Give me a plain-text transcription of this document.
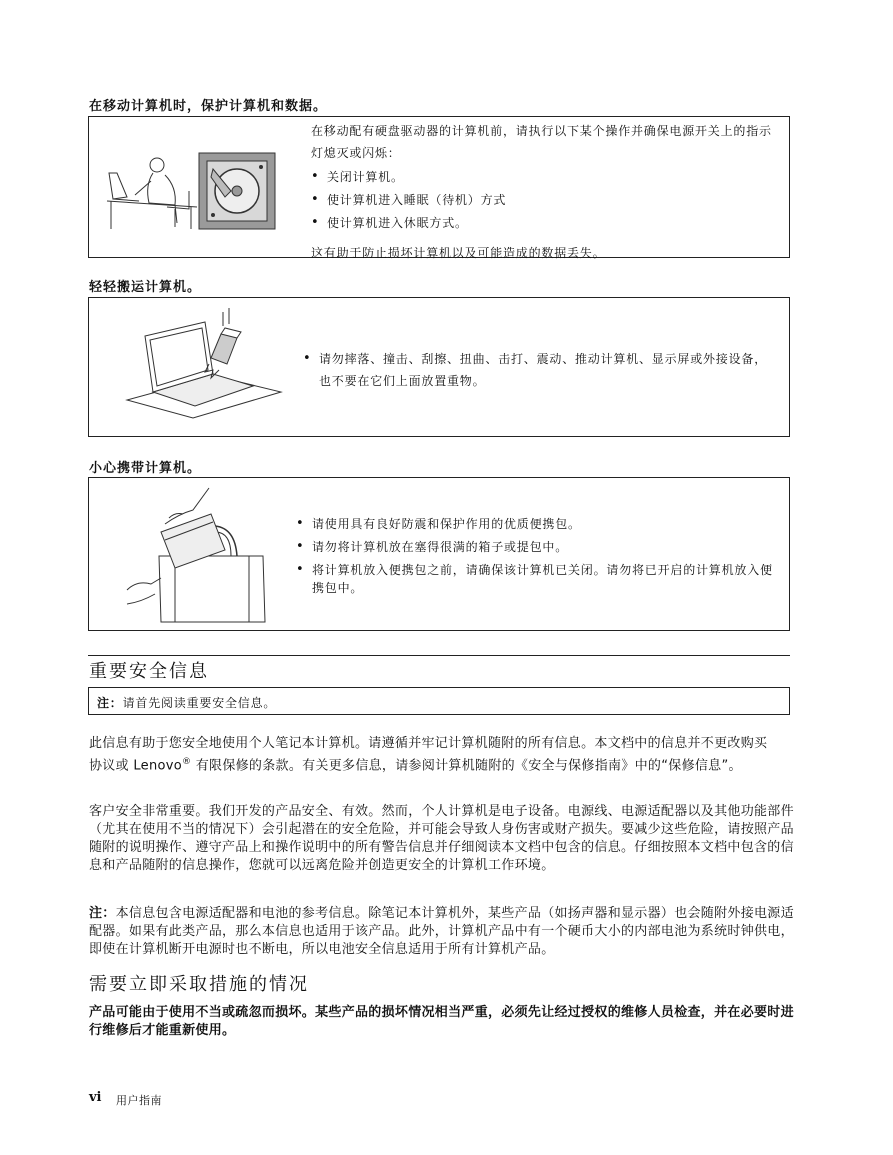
在移动计算机时，保护计算机和数据。
在移动配有硬盘驱动器的计算机前，请执行以下某个操作并确保电源开关上的指示灯熄灭或闪烁：
• 关闭计算机。
• 使计算机进入睡眠（待机）方式
• 使计算机进入休眠方式。
这有助于防止损坏计算机以及可能造成的数据丢失。
轻轻搬运计算机。
• 请勿摔落、撞击、刮擦、扭曲、击打、震动、推动计算机、显示屏或外接设备，也不要在它们上面放置重物。
小心携带计算机。
• 请使用具有良好防震和保护作用的优质便携包。
• 请勿将计算机放在塞得很满的箱子或提包中。
• 将计算机放入便携包之前，请确保该计算机已关闭。请勿将已开启的计算机放入便携包中。
重要安全信息
注：请首先阅读重要安全信息。
此信息有助于您安全地使用个人笔记本计算机。请遵循并牢记计算机随附的所有信息。本文档中的信息并不更改购买协议或 Lenovo® 有限保修的条款。有关更多信息，请参阅计算机随附的《安全与保修指南》中的“保修信息”。
客户安全非常重要。我们开发的产品安全、有效。然而，个人计算机是电子设备。电源线、电源适配器以及其他功能部件（尤其在使用不当的情况下）会引起潜在的安全危险，并可能会导致人身伤害或财产损失。要减少这些危险，请按照产品随附的说明操作、遵守产品上和操作说明中的所有警告信息并仔细阅读本文档中包含的信息。仔细按照本文档中包含的信息和产品随附的信息操作，您就可以远离危险并创造更安全的计算机工作环境。
注：本信息包含电源适配器和电池的参考信息。除笔记本计算机外，某些产品（如扬声器和显示器）也会随附外接电源适配器。如果有此类产品，那么本信息也适用于该产品。此外，计算机产品中有一个硬币大小的内部电池为系统时钟供电，即使在计算机断开电源时也不断电，所以电池安全信息适用于所有计算机产品。
需要立即采取措施的情况
产品可能由于使用不当或疏忽而损坏。某些产品的损坏情况相当严重，必须先让经过授权的维修人员检查，并在必要时进行维修后才能重新使用。
vi 用户指南
